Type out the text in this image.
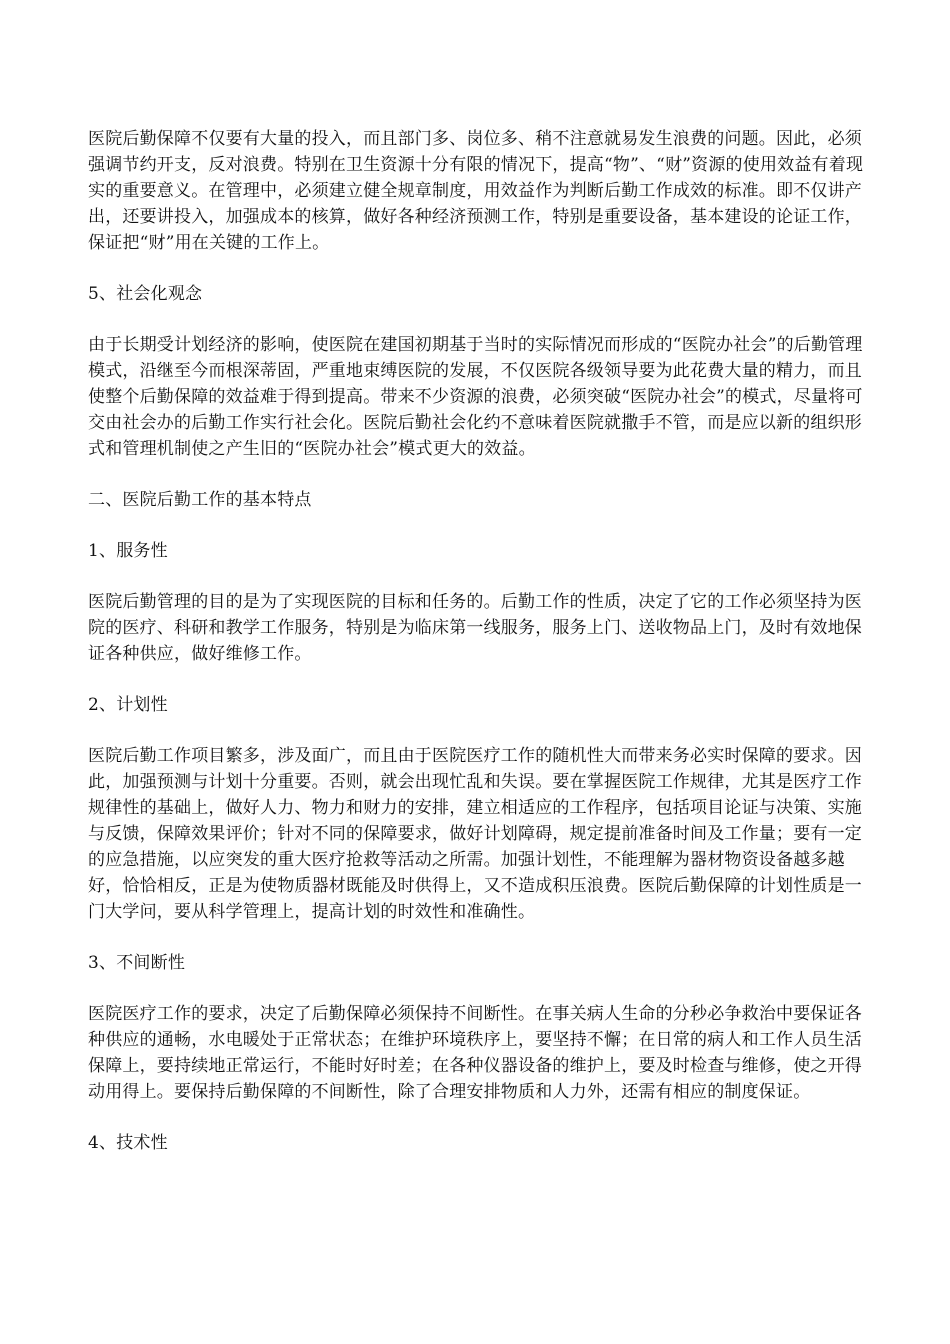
医院后勤保障不仅要有大量的投入，而且部门多、岗位多、稍不注意就易发生浪费的问题。因此，必须强调节约开支，反对浪费。特别在卫生资源十分有限的情况下，提高“物”、“财”资源的使用效益有着现实的重要意义。在管理中，必须建立健全规章制度，用效益作为判断后勤工作成效的标准。即不仅讲产出，还要讲投入，加强成本的核算，做好各种经济预测工作，特别是重要设备，基本建设的论证工作，保证把“财”用在关键的工作上。

5、社会化观念

由于长期受计划经济的影响，使医院在建国初期基于当时的实际情况而形成的“医院办社会”的后勤管理模式，沿继至今而根深蒂固，严重地束缚医院的发展，不仅医院各级领导要为此花费大量的精力，而且使整个后勤保障的效益难于得到提高。带来不少资源的浪费，必须突破“医院办社会”的模式，尽量将可交由社会办的后勤工作实行社会化。医院后勤社会化约不意味着医院就撒手不管，而是应以新的组织形式和管理机制使之产生旧的“医院办社会”模式更大的效益。

二、医院后勤工作的基本特点

1、服务性

医院后勤管理的目的是为了实现医院的目标和任务的。后勤工作的性质，决定了它的工作必须坚持为医院的医疗、科研和教学工作服务，特别是为临床第一线服务，服务上门、送收物品上门，及时有效地保证各种供应，做好维修工作。

2、计划性

医院后勤工作项目繁多，涉及面广，而且由于医院医疗工作的随机性大而带来务必实时保障的要求。因此，加强预测与计划十分重要。否则，就会出现忙乱和失误。要在掌握医院工作规律，尤其是医疗工作规律性的基础上，做好人力、物力和财力的安排，建立相适应的工作程序，包括项目论证与决策、实施与反馈，保障效果评价；针对不同的保障要求，做好计划障碍，规定提前准备时间及工作量；要有一定的应急措施，以应突发的重大医疗抢救等活动之所需。加强计划性，不能理解为器材物资设备越多越好，恰恰相反，正是为使物质器材既能及时供得上，又不造成积压浪费。医院后勤保障的计划性质是一门大学问，要从科学管理上，提高计划的时效性和准确性。

3、不间断性

医院医疗工作的要求，决定了后勤保障必须保持不间断性。在事关病人生命的分秒必争救治中要保证各种供应的通畅，水电暖处于正常状态；在维护环境秩序上，要坚持不懈；在日常的病人和工作人员生活保障上，要持续地正常运行，不能时好时差；在各种仪器设备的维护上，要及时检查与维修，使之开得动用得上。要保持后勤保障的不间断性，除了合理安排物质和人力外，还需有相应的制度保证。

4、技术性
